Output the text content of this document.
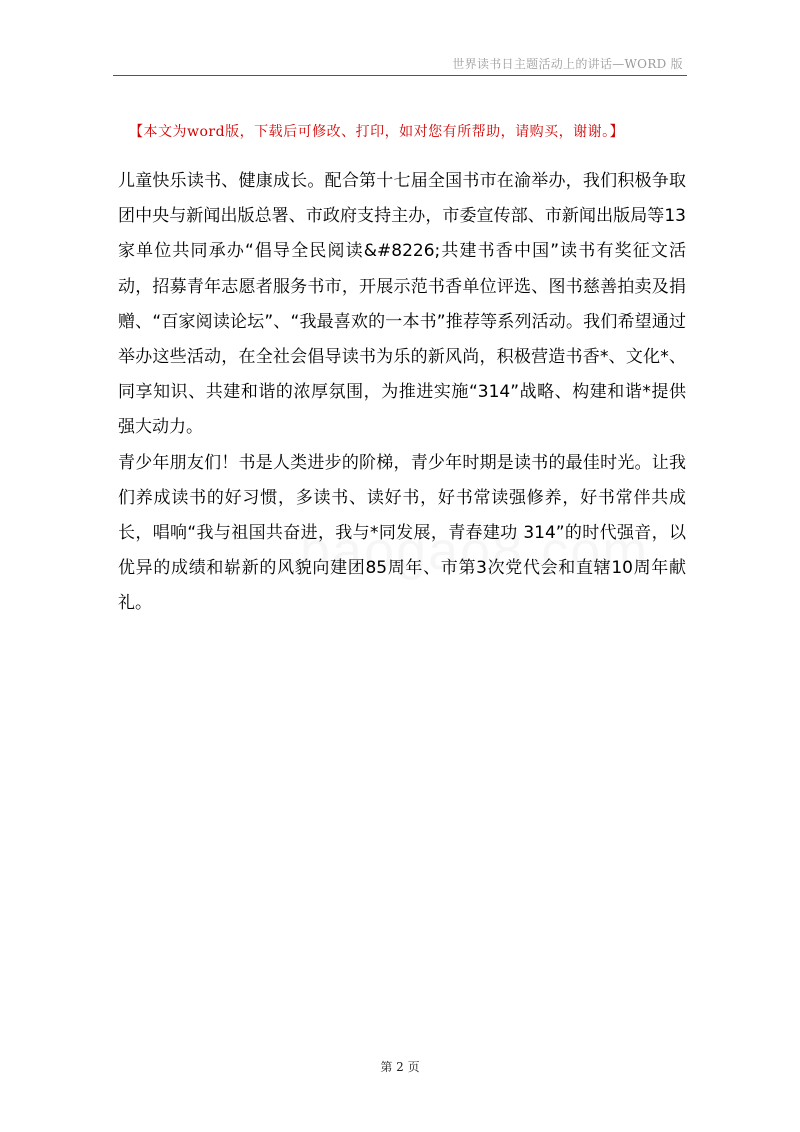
世界读书日主题活动上的讲话—WORD 版
【本文为word版，下载后可修改、打印，如对您有所帮助，请购买，谢谢。】

儿童快乐读书、健康成长。配合第十七届全国书市在渝举办，我们积极争取团中央与新闻出版总署、市政府支持主办，市委宣传部、市新闻出版局等13家单位共同承办“倡导全民阅读&#8226;共建书香中国”读书有奖征文活动，招募青年志愿者服务书市，开展示范书香单位评选、图书慈善拍卖及捐赠、“百家阅读论坛”、“我最喜欢的一本书”推荐等系列活动。我们希望通过举办这些活动，在全社会倡导读书为乐的新风尚，积极营造书香*、文化*、同享知识、共建和谐的浓厚氛围，为推进实施“314”战略、构建和谐*提供强大动力。

青少年朋友们！书是人类进步的阶梯，青少年时期是读书的最佳时光。让我们养成读书的好习惯，多读书、读好书，好书常读强修养，好书常伴共成长，唱响“我与祖国共奋进，我与*同发展，青春建功 314”的时代强音，以优异的成绩和崭新的风貌向建团85周年、市第3次党代会和直辖10周年献礼。

第 2 页
